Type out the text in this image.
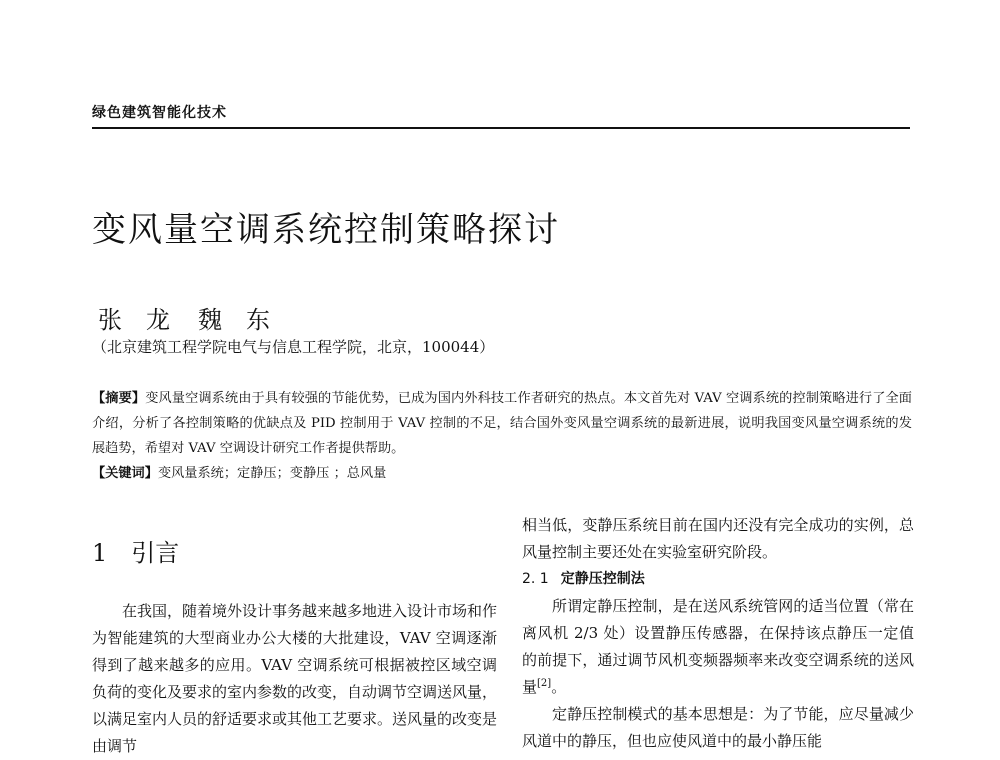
绿色建筑智能化技术
变风量空调系统控制策略探讨
张　龙 魏　东
（北京建筑工程学院电气与信息工程学院，北京，100044）
【摘要】变风量空调系统由于具有较强的节能优势，已成为国内外科技工作者研究的热点。本文首先对 VAV 空调系统的控制策略进行了全面介绍，分析了各控制策略的优缺点及 PID 控制用于 VAV 控制的不足，结合国外变风量空调系统的最新进展，说明我国变风量空调系统的发展趋势，希望对 VAV 空调设计研究工作者提供帮助。
【关键词】变风量系统；定静压；变静压 ；总风量
1 引言

在我国，随着境外设计事务越来越多地进入设计市场和作为智能建筑的大型商业办公大楼的大批建设，VAV 空调逐渐得到了越来越多的应用。VAV 空调系统可根据被控区域空调负荷的变化及要求的室内参数的改变，自动调节空调送风量，以满足室内人员的舒适要求或其他工艺要求。送风量的改变是由调节

相当低，变静压系统目前在国内还没有完全成功的实例，总风量控制主要还处在实验室研究阶段。

2. 1 定静压控制法

所谓定静压控制，是在送风系统管网的适当位置（常在离风机 2/3 处）设置静压传感器，在保持该点静压一定值的前提下，通过调节风机变频器频率来改变空调系统的送风量[2]。

定静压控制模式的基本思想是：为了节能，应尽量减少风道中的静压，但也应使风道中的最小静压能
